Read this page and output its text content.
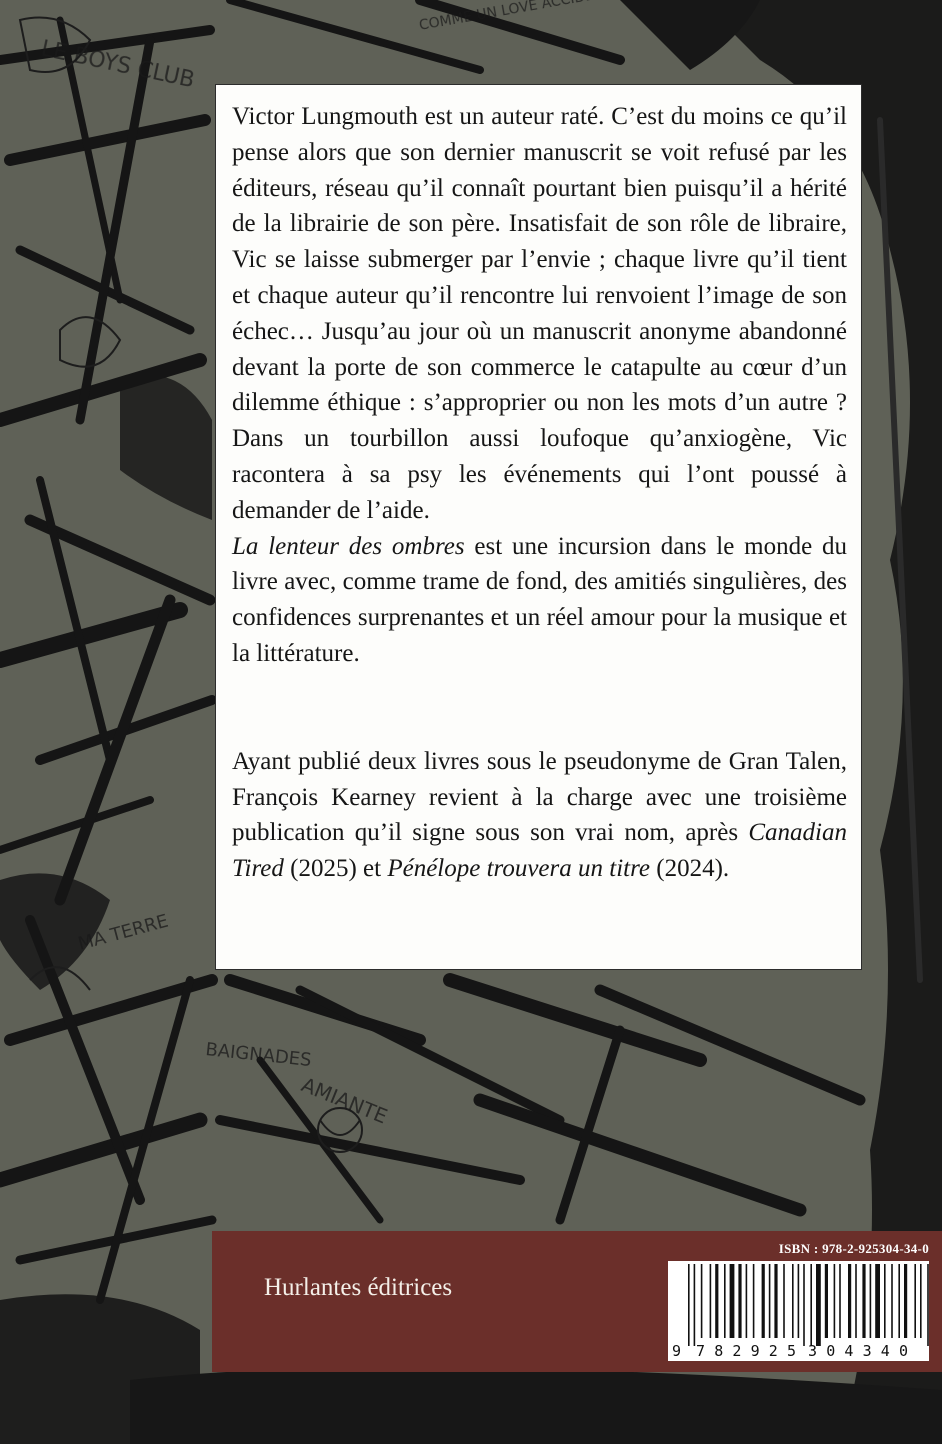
LE BOYS CLUB
MA TERRE
BAIGNADES
AMIANTE

Victor Lungmouth est un auteur raté. C’est du moins ce qu’il pense alors que son dernier manuscrit se voit refusé par les éditeurs, réseau qu’il connaît pourtant bien puisqu’il a hérité de la librairie de son père. Insatisfait de son rôle de libraire, Vic se laisse submerger par l’envie ; chaque livre qu’il tient et chaque auteur qu’il rencontre lui renvoient l’image de son échec… Jusqu’au jour où un manuscrit anonyme abandonné devant la porte de son commerce le catapulte au cœur d’un dilemme éthique : s’approprier ou non les mots d’un autre ? Dans un tourbillon aussi loufoque qu’anxiogène, Vic racontera à sa psy les événements qui l’ont poussé à demander de l’aide.

La lenteur des ombres est une incursion dans le monde du livre avec, comme trame de fond, des amitiés singulières, des confidences surprenantes et un réel amour pour la musique et la littérature.

Ayant publié deux livres sous le pseudonyme de Gran Talen, François Kearney revient à la charge avec une troisième publication qu’il signe sous son vrai nom, après Canadian Tired (2025) et Pénélope trouvera un titre (2024).

Hurlantes éditrices
ISBN : 978-2-925304-34-0
9 782925 304340
